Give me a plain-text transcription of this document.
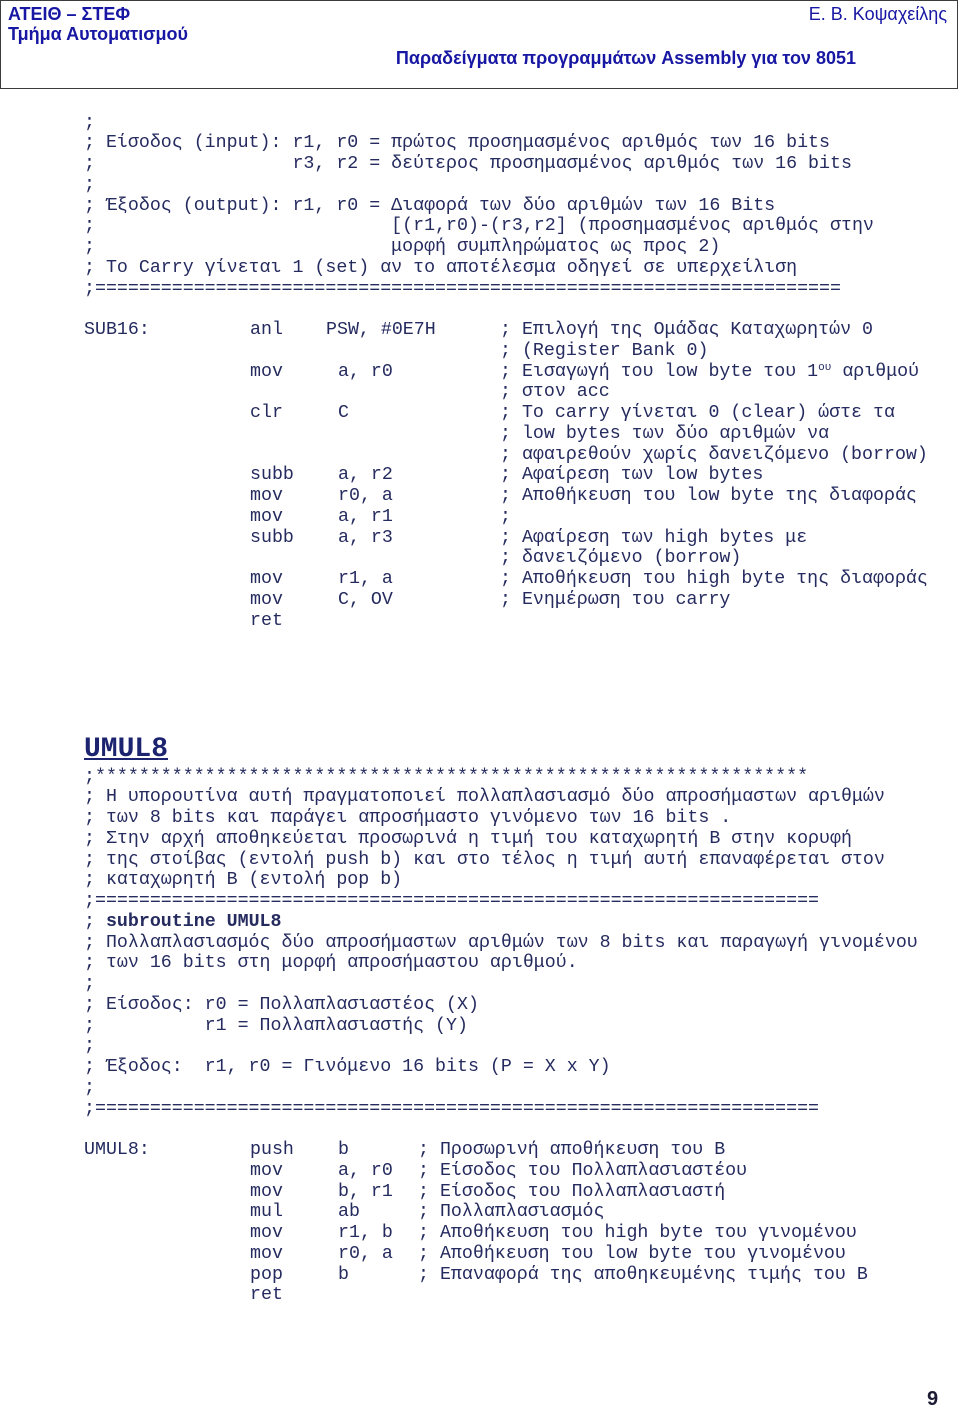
ΑΤΕΙΘ – ΣΤΕΦ
Τμήμα Αυτοματισμού
Ε. Β. Κοψαχείλης
Παραδείγματα προγραμμάτων Assembly για τον 8051
;
; Είσοδος (input): r1, r0 = πρώτος προσημασμένος αριθμός των 16 bits
;                  r3, r2 = δεύτερος προσημασμένος αριθμός των 16 bits
;
; Έξοδος (output): r1, r0 = Διαφορά των δύο αριθμών των 16 Bits
;                           [(r1,r0)-(r3,r2] (προσημασμένος αριθμός στην
;                           μορφή συμπληρώματος ως προς 2)
; Το Carry γίνεται 1 (set) αν το αποτέλεσμα οδηγεί σε υπερχείλιση
;====================================================================
SUB16:	anl PSW, #0E7H	; Επιλογή της Ομάδας Καταχωρητών 0
; (Register Bank 0)
mov	a, r0	; Εισαγωγή του low byte του $1^{o\upsilon}$ αριθμού
; στον acc
clr	C	; Το carry γίνεται 0 (clear) ώστε τα
; low bytes των δύο αριθμών να
; αφαιρεθούν χωρίς δανειζόμενο (borrow)
subb a, r2	; Αφαίρεση των low bytes
mov	r0, a	; Αποθήκευση του low byte της διαφοράς
mov	a, r1	;
subb a, r3	; Αφαίρεση των high bytes με
; δανειζόμενο (borrow)
mov	r1, a	; Αποθήκευση του high byte της διαφοράς
mov	C, OV	; Ενημέρωση του carry
ret
UMUL8
;*****************************************************************
; Η υπορουτίνα αυτή πραγματοποιεί πολλαπλασιασμό δύο απροσήμαστων αριθμών
; των 8 bits και παράγει απροσήμαστο γινόμενο των 16 bits .
; Στην αρχή αποθηκεύεται προσωρινά η τιμή του καταχωρητή B στην κορυφή
; της στοίβας (εντολή push b) και στο τέλος η τιμή αυτή επαναφέρεται στον
; καταχωρητή B (εντολή pop b)
;==================================================================
; subroutine UMUL8
; Πολλαπλασιασμός δύο απροσήμαστων αριθμών των 8 bits και παραγωγή γινομένου
; των 16 bits στη μορφή απροσήμαστου αριθμού.
;
; Είσοδος: r0 = Πολλαπλασιαστέος (X)
;          r1 = Πολλαπλασιαστής (Y)
;
; Έξοδος:  r1, r0 = Γινόμενο 16 bits (P = X x Y)
;
;==================================================================
UMUL8:	push b	; Προσωρινή αποθήκευση του B
mov	a, r0 ; Είσοδος του Πολλαπλασιαστέου
mov	b, r1 ; Είσοδος του Πολλαπλασιαστή
mul	ab	; Πολλαπλασιασμός
mov	r1, b ; Αποθήκευση του high byte του γινομένου
mov	r0, a ; Αποθήκευση του low byte του γινομένου
pop	b	; Επαναφορά της αποθηκευμένης τιμής του B
ret
9
